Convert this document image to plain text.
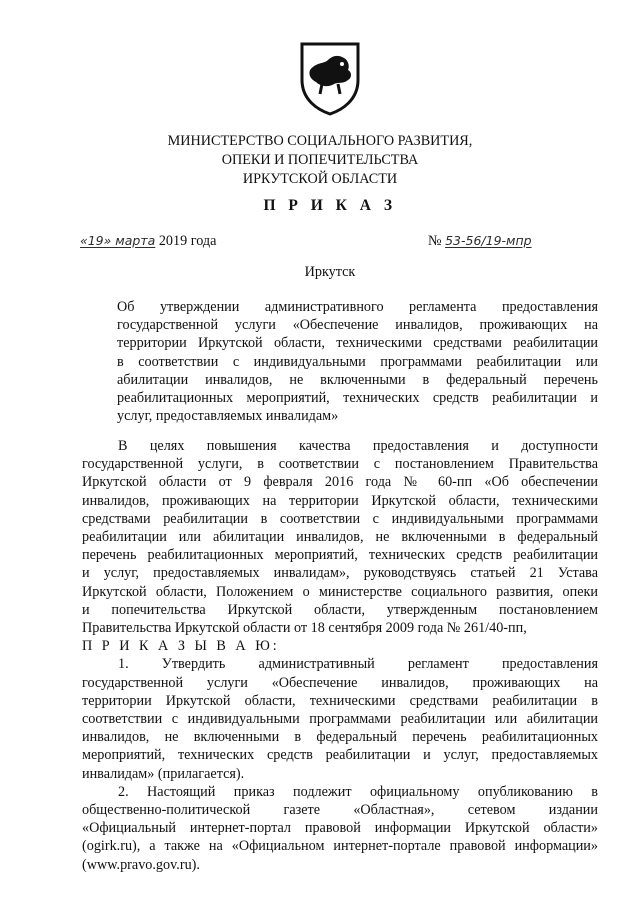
МИНИСТЕРСТВО СОЦИАЛЬНОГО РАЗВИТИЯ,
ОПЕКИ И ПОПЕЧИТЕЛЬСТВА
ИРКУТСКОЙ ОБЛАСТИ
П Р И К А З
«19» марта 2019 года	№ 53-56/19-мпр
Иркутск
Об утверждении административного регламента предоставления
государственной услуги «Обеспечение инвалидов, проживающих на
территории Иркутской области, техническими средствами реабилитации
в соответствии с индивидуальными программами реабилитации или
абилитации инвалидов, не включенными в федеральный перечень
реабилитационных мероприятий, технических средств реабилитации и
услуг, предоставляемых инвалидам»
В целях повышения качества предоставления и доступности
государственной услуги, в соответствии с постановлением Правительства
Иркутской области от 9 февраля 2016 года № 60-пп «Об обеспечении
инвалидов, проживающих на территории Иркутской области, техническими
средствами реабилитации в соответствии с индивидуальными программами
реабилитации или абилитации инвалидов, не включенными в федеральный
перечень реабилитационных мероприятий, технических средств реабилитации
и услуг, предоставляемых инвалидам», руководствуясь статьей 21 Устава
Иркутской области, Положением о министерстве социального развития, опеки
и попечительства Иркутской области, утвержденным постановлением
Правительства Иркутской области от 18 сентября 2009 года № 261/40-пп,
П Р И К А З Ы В А Ю:
1. Утвердить административный регламент предоставления
государственной услуги «Обеспечение инвалидов, проживающих на
территории Иркутской области, техническими средствами реабилитации в
соответствии с индивидуальными программами реабилитации или абилитации
инвалидов, не включенными в федеральный перечень реабилитационных
мероприятий, технических средств реабилитации и услуг, предоставляемых
инвалидам» (прилагается).
2. Настоящий приказ подлежит официальному опубликованию в
общественно-политической газете «Областная», сетевом издании
«Официальный интернет-портал правовой информации Иркутской области»
(ogirk.ru), а также на «Официальном интернет-портале правовой информации»
(www.pravo.gov.ru).
